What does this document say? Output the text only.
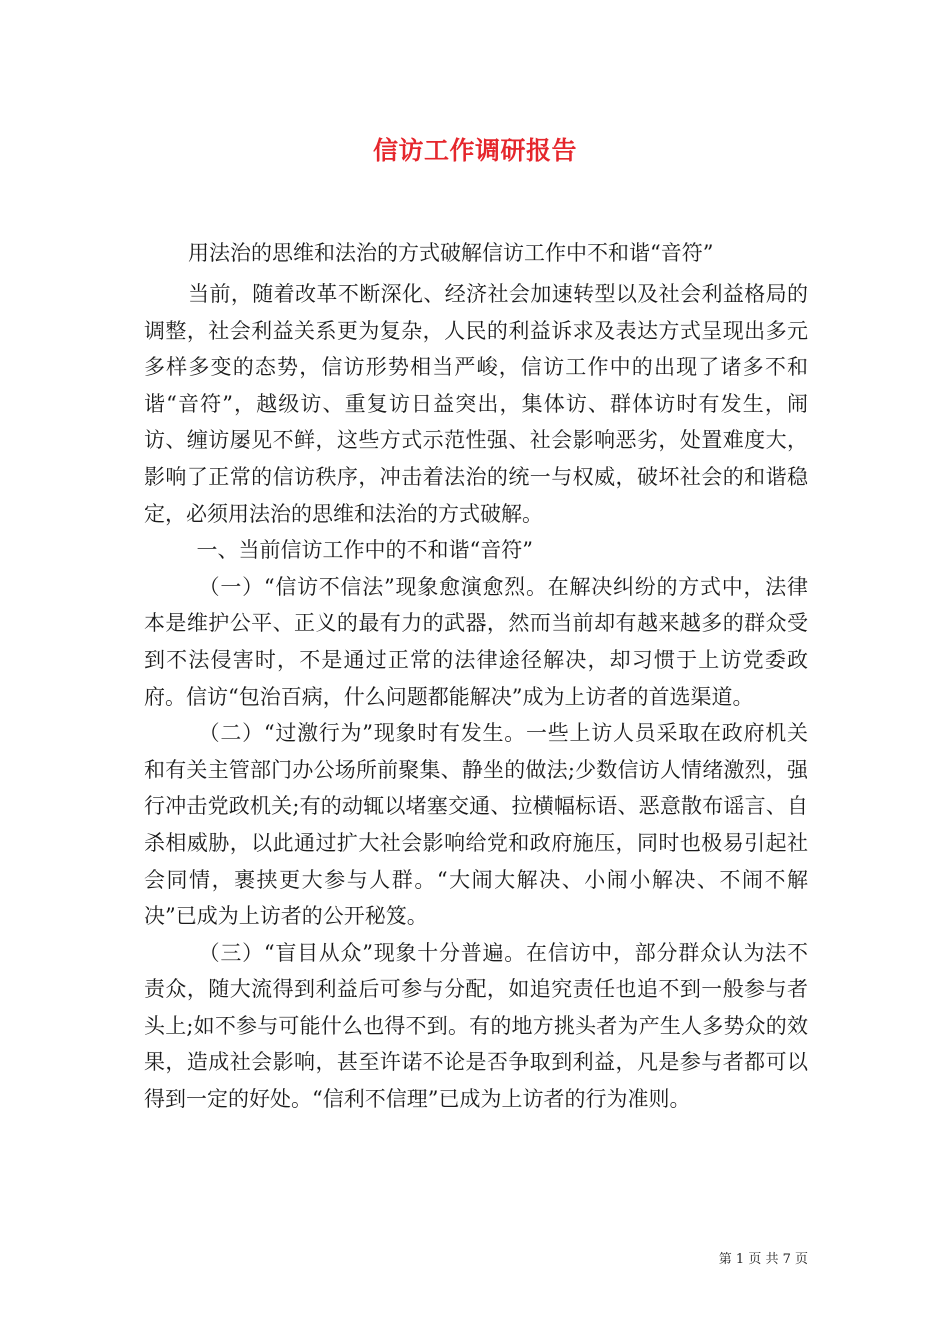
信访工作调研报告
用法治的思维和法治的方式破解信访工作中不和谐“音符”

当前，随着改革不断深化、经济社会加速转型以及社会利益格局的调整，社会利益关系更为复杂，人民的利益诉求及表达方式呈现出多元多样多变的态势，信访形势相当严峻，信访工作中的出现了诸多不和谐“音符”，越级访、重复访日益突出，集体访、群体访时有发生，闹访、缠访屡见不鲜，这些方式示范性强、社会影响恶劣，处置难度大，影响了正常的信访秩序，冲击着法治的统一与权威，破坏社会的和谐稳定，必须用法治的思维和法治的方式破解。

一、当前信访工作中的不和谐“音符”

（一）“信访不信法”现象愈演愈烈。在解决纠纷的方式中，法律本是维护公平、正义的最有力的武器，然而当前却有越来越多的群众受到不法侵害时，不是通过正常的法律途径解决，却习惯于上访党委政府。信访“包治百病，什么问题都能解决”成为上访者的首选渠道。

（二）“过激行为”现象时有发生。一些上访人员采取在政府机关和有关主管部门办公场所前聚集、静坐的做法;少数信访人情绪激烈，强行冲击党政机关;有的动辄以堵塞交通、拉横幅标语、恶意散布谣言、自杀相威胁，以此通过扩大社会影响给党和政府施压，同时也极易引起社会同情，裹挟更大参与人群。“大闹大解决、小闹小解决、不闹不解决”已成为上访者的公开秘笈。

（三）“盲目从众”现象十分普遍。在信访中，部分群众认为法不责众，随大流得到利益后可参与分配，如追究责任也追不到一般参与者头上;如不参与可能什么也得不到。有的地方挑头者为产生人多势众的效果，造成社会影响，甚至许诺不论是否争取到利益，凡是参与者都可以得到一定的好处。“信利不信理”已成为上访者的行为准则。

第 1 页 共 7 页
